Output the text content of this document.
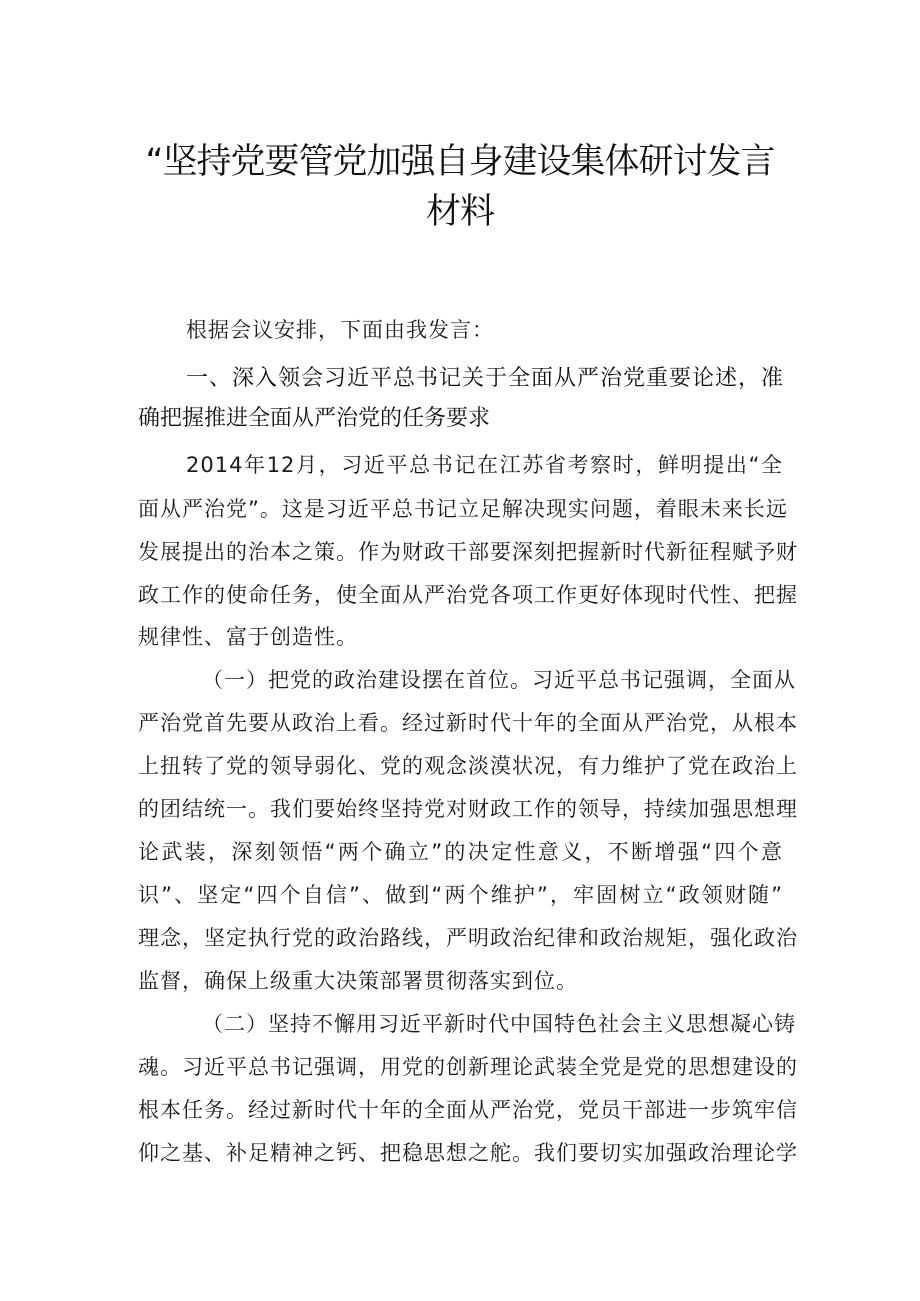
“坚持党要管党加强自身建设集体研讨发言
材料
根据会议安排，下面由我发言：
一、深入领会习近平总书记关于全面从严治党重要论述，准
确把握推进全面从严治党的任务要求
2014年12月，习近平总书记在江苏省考察时，鲜明提出“全
面从严治党”。这是习近平总书记立足解决现实问题，着眼未来长远
发展提出的治本之策。作为财政干部要深刻把握新时代新征程赋予财
政工作的使命任务，使全面从严治党各项工作更好体现时代性、把握
规律性、富于创造性。
（一）把党的政治建设摆在首位。习近平总书记强调，全面从
严治党首先要从政治上看。经过新时代十年的全面从严治党，从根本
上扭转了党的领导弱化、党的观念淡漠状况，有力维护了党在政治上
的团结统一。我们要始终坚持党对财政工作的领导，持续加强思想理
论武装，深刻领悟“两个确立”的决定性意义，不断增强“四个意
识”、坚定“四个自信”、做到“两个维护”，牢固树立“政领财随”
理念，坚定执行党的政治路线，严明政治纪律和政治规矩，强化政治
监督，确保上级重大决策部署贯彻落实到位。
（二）坚持不懈用习近平新时代中国特色社会主义思想凝心铸
魂。习近平总书记强调，用党的创新理论武装全党是党的思想建设的
根本任务。经过新时代十年的全面从严治党，党员干部进一步筑牢信
仰之基、补足精神之钙、把稳思想之舵。我们要切实加强政治理论学
